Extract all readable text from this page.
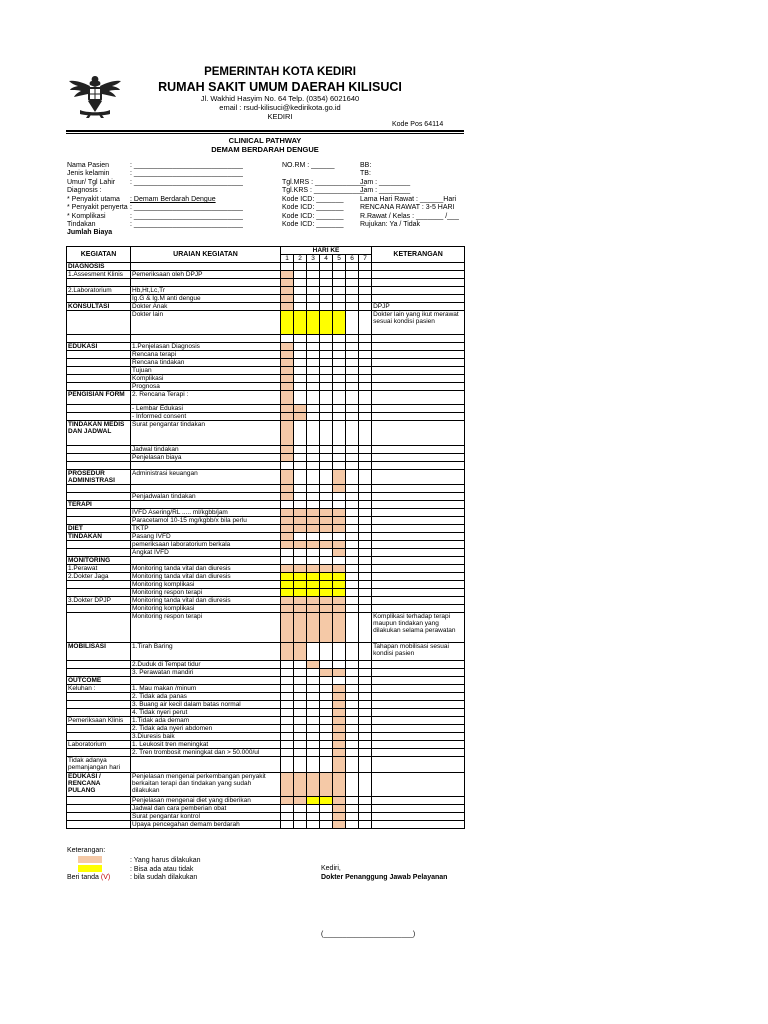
PEMERINTAH KOTA KEDIRI
RUMAH SAKIT UMUM DAERAH KILISUCI
Jl. Wakhid Hasyim No. 64 Telp. (0354) 6021640
email : rsud-kilisuci@kedirikota.go.id
KEDIRI
Kode Pos 64114
CLINICAL PATHWAY
DEMAM BERDARAH DENGUE
Nama Pasien	: ____________________________
Jenis kelamin	: ____________________________
Umur/ Tgl Lahir : ____________________________
Diagnosis :
* Penyakit utama : Demam Berdarah Dengue
* Penyakit penyerta : ____________________________
* Komplikasi	: ____________________________
Tindakan	: ____________________________
Jumlah Biaya
NO.RM : ______
Tgl.MRS : _____________
Tgl.KRS : _____________
Kode ICD: _______
Kode ICD: _______
Kode ICD: _______
Kode ICD: _______
BB:
TB:
Jam : ________
Jam : ________
Lama Hari Rawat : ______Hari
RENCANA RAWAT : 3-5 HARI
R.Rawat / Kelas : _______ /___
Rujukan: Ya / Tidak
KEGIATAN	URAIAN KEGIATAN	HARI KE							KETERANGAN
		1	2	3	4	5	6	7	
DIAGNOSIS									
1.Assesment Klinis	Pemeriksaan oleh DPJP								

2.Laboratorium	Hb,Ht,Lc,Tr								
	Ig.G & Ig.M anti dengue								
KONSULTASI	Dokter Anak								DPJP
	Dokter lain								Dokter lain yang ikut merawat sesuai kondisi pasien

EDUKASI	1.Penjelasan Diagnosis								
	Rencana terapi								
	Rencana tindakan								
	Tujuan								
	Komplikasi								
	Prognosa								
PENGISIAN FORM	2. Rencana Terapi :								
	- Lembar Edukasi								
	- Informed consent								
TINDAKAN MEDIS DAN JADWAL	Surat pengantar tindakan								
	Jadwal tindakan								
	Penjelasan biaya								

PROSEDUR ADMINISTRASI	Administrasi keuangan								

	Penjadwalan tindakan								
TERAPI									
	IVFD Asering/RL ..... ml/kgbb/jam								
	Paracetamol 10-15 mg/kgbb/x bila perlu								
DIET	TKTP								
TINDAKAN	Pasang IVFD								
	pemeriksaan laboratorium berkala								
	Angkat IVFD								
MONITORING									
1.Perawat	Monitoring tanda vital dan diuresis								
2.Dokter Jaga	Monitoring tanda vital dan diuresis								
	Monitoring komplikasi								
	Monitoring respon terapi								
3.Dokter DPJP	Monitoring tanda vital dan diuresis								
	Monitoring komplikasi								
	Monitoring respon terapi								Komplikasi terhadap terapi maupun tindakan yang dilakukan selama perawatan
MOBILISASI	1.Tirah Baring								Tahapan mobilisasi sesuai kondisi pasien
	2.Duduk di Tempat tidur								
	3. Perawatan mandiri								
OUTCOME									
Keluhan :	1. Mau makan /minum								
	2. Tidak ada panas								
	3. Buang air kecil dalam batas normal								
	4. Tidak nyeri perut								
Pemeriksaan Klinis	1.Tidak ada demam								
	2. Tidak ada nyeri abdomen								
	3.Diuresis baik								
Laboratorium	1. Leukosit tren meningkat								
	2. Tren trombosit meningkat dan > 50.000/ul								
Tidak adanya pemanjangan hari									
EDUKASI / RENCANA PULANG	Penjelasan mengenai perkembangan penyakit berkaitan terapi dan tindakan yang sudah dilakukan								
	Penjelasan mengenai diet yang diberikan								
	Jadwal dan cara pemberian obat								
	Surat pengantar kontrol								
	Upaya pencegahan demam berdarah								
Keterangan:
: Yang harus dilakukan
: Bisa ada atau tidak
Beri tanda (V)	: bila sudah dilakukan
Kediri,
Dokter Penanggung Jawab Pelayanan
(_______________________)
